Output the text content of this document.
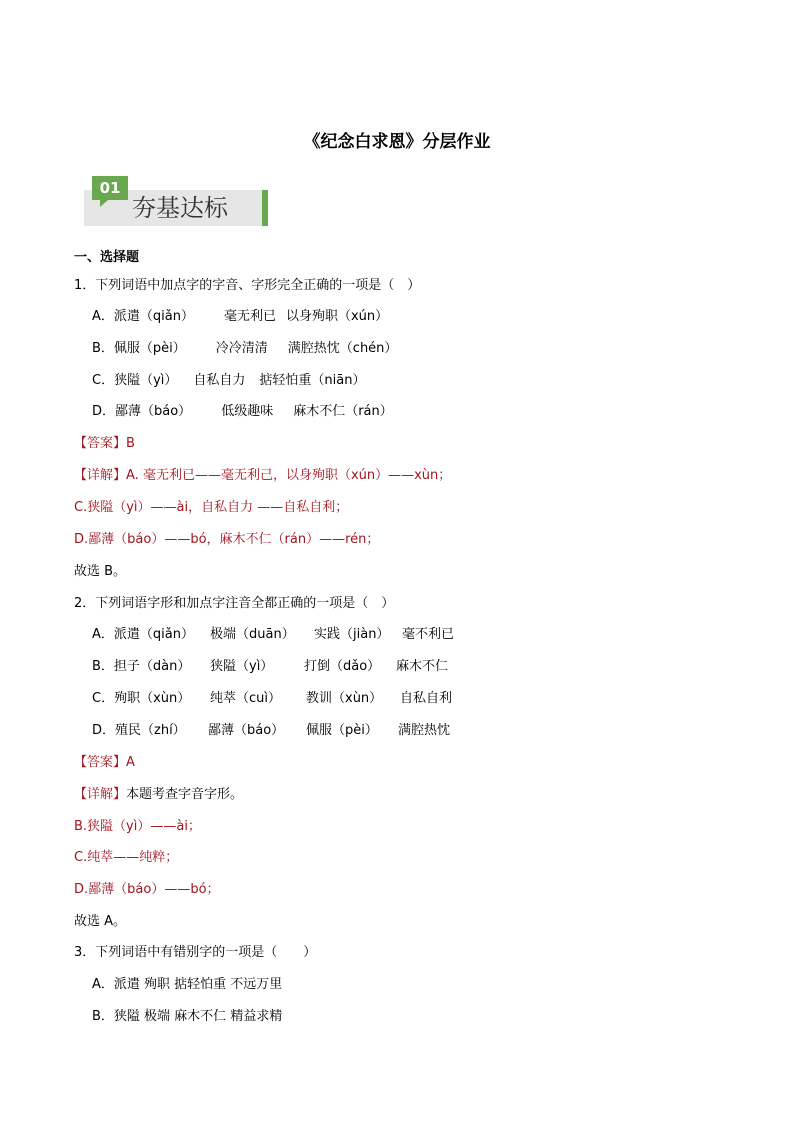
《纪念白求恩》分层作业
01
夯基达标
一、选择题
1．下列词语中加点字的字音、字形完全正确的一项是（　）
A．派遣（qiǎn） 毫无利已 以身殉职（xún）
B．佩服（pèi） 冷冷清清 满腔热忱（chén）
C．狭隘（yì） 自私自力 掂轻怕重（niān）
D．鄙薄（báo） 低级趣味 麻木不仁（rán）
【答案】B
【详解】A. 毫无利已——毫无利己，以身殉职（xún）——xùn；
C.狭隘（yì）——ài，自私自力 ——自私自利；
D.鄙薄（báo）——bó，麻木不仁（rán）——rén；
故选 B。
2．下列词语字形和加点字注音全都正确的一项是（　）
A．派遣（qiǎn） 极端（duān） 实践（jiàn） 毫不利已
B．担子（dàn） 狭隘（yì） 打倒（dǎo） 麻木不仁
C．殉职（xùn） 纯萃（cuì） 教训（xùn） 自私自利
D．殖民（zhí） 鄙薄（báo） 佩服（pèi） 满腔热忱
【答案】A
【详解】本题考查字音字形。
B.狭隘（yì）——ài；
C.纯萃——纯粹；
D.鄙薄（báo）——bó；
故选 A。
3．下列词语中有错别字的一项是（　　）
A．派遣 殉职 掂轻怕重 不远万里
B．狭隘 极端 麻木不仁 精益求精
